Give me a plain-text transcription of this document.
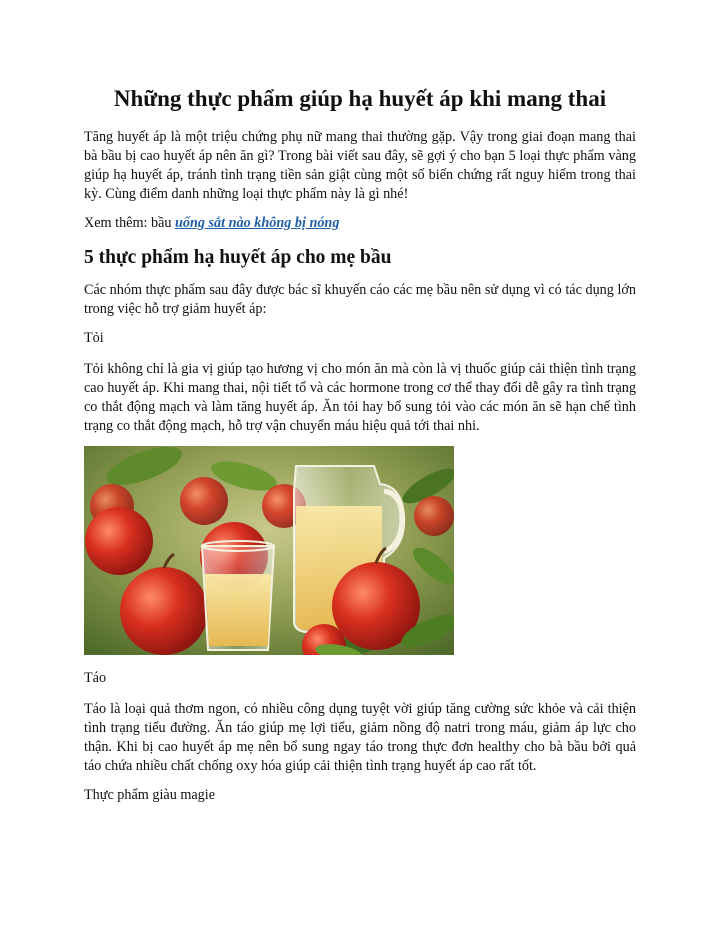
Những thực phẩm giúp hạ huyết áp khi mang thai

Tăng huyết áp là một triệu chứng phụ nữ mang thai thường gặp. Vậy trong giai đoạn mang thai bà bầu bị cao huyết áp nên ăn gì? Trong bài viết sau đây, sẽ gợi ý cho bạn 5 loại thực phẩm vàng giúp hạ huyết áp, tránh tình trạng tiền sản giật cùng một số biến chứng rất nguy hiểm trong thai kỳ. Cùng điểm danh những loại thực phẩm này là gì nhé!

Xem thêm: bầu uống sắt nào không bị nóng

5 thực phẩm hạ huyết áp cho mẹ bầu

Các nhóm thực phẩm sau đây được bác sĩ khuyến cáo các mẹ bầu nên sử dụng vì có tác dụng lớn trong việc hỗ trợ giảm huyết áp:

Tỏi

Tỏi không chỉ là gia vị giúp tạo hương vị cho món ăn mà còn là vị thuốc giúp cải thiện tình trạng cao huyết áp. Khi mang thai, nội tiết tố và các hormone trong cơ thể thay đổi dễ gây ra tình trạng co thắt động mạch và làm tăng huyết áp. Ăn tỏi hay bổ sung tỏi vào các món ăn sẽ hạn chế tình trạng co thắt động mạch, hỗ trợ vận chuyển máu hiệu quả tới thai nhi.

Táo

Táo là loại quả thơm ngon, có nhiều công dụng tuyệt vời giúp tăng cường sức khỏe và cải thiện tình trạng tiểu đường. Ăn táo giúp mẹ lợi tiểu, giảm nồng độ natri trong máu, giảm áp lực cho thận. Khi bị cao huyết áp mẹ nên bổ sung ngay táo trong thực đơn healthy cho bà bầu bởi quả táo chứa nhiều chất chống oxy hóa giúp cải thiện tình trạng huyết áp cao rất tốt.

Thực phẩm giàu magie
